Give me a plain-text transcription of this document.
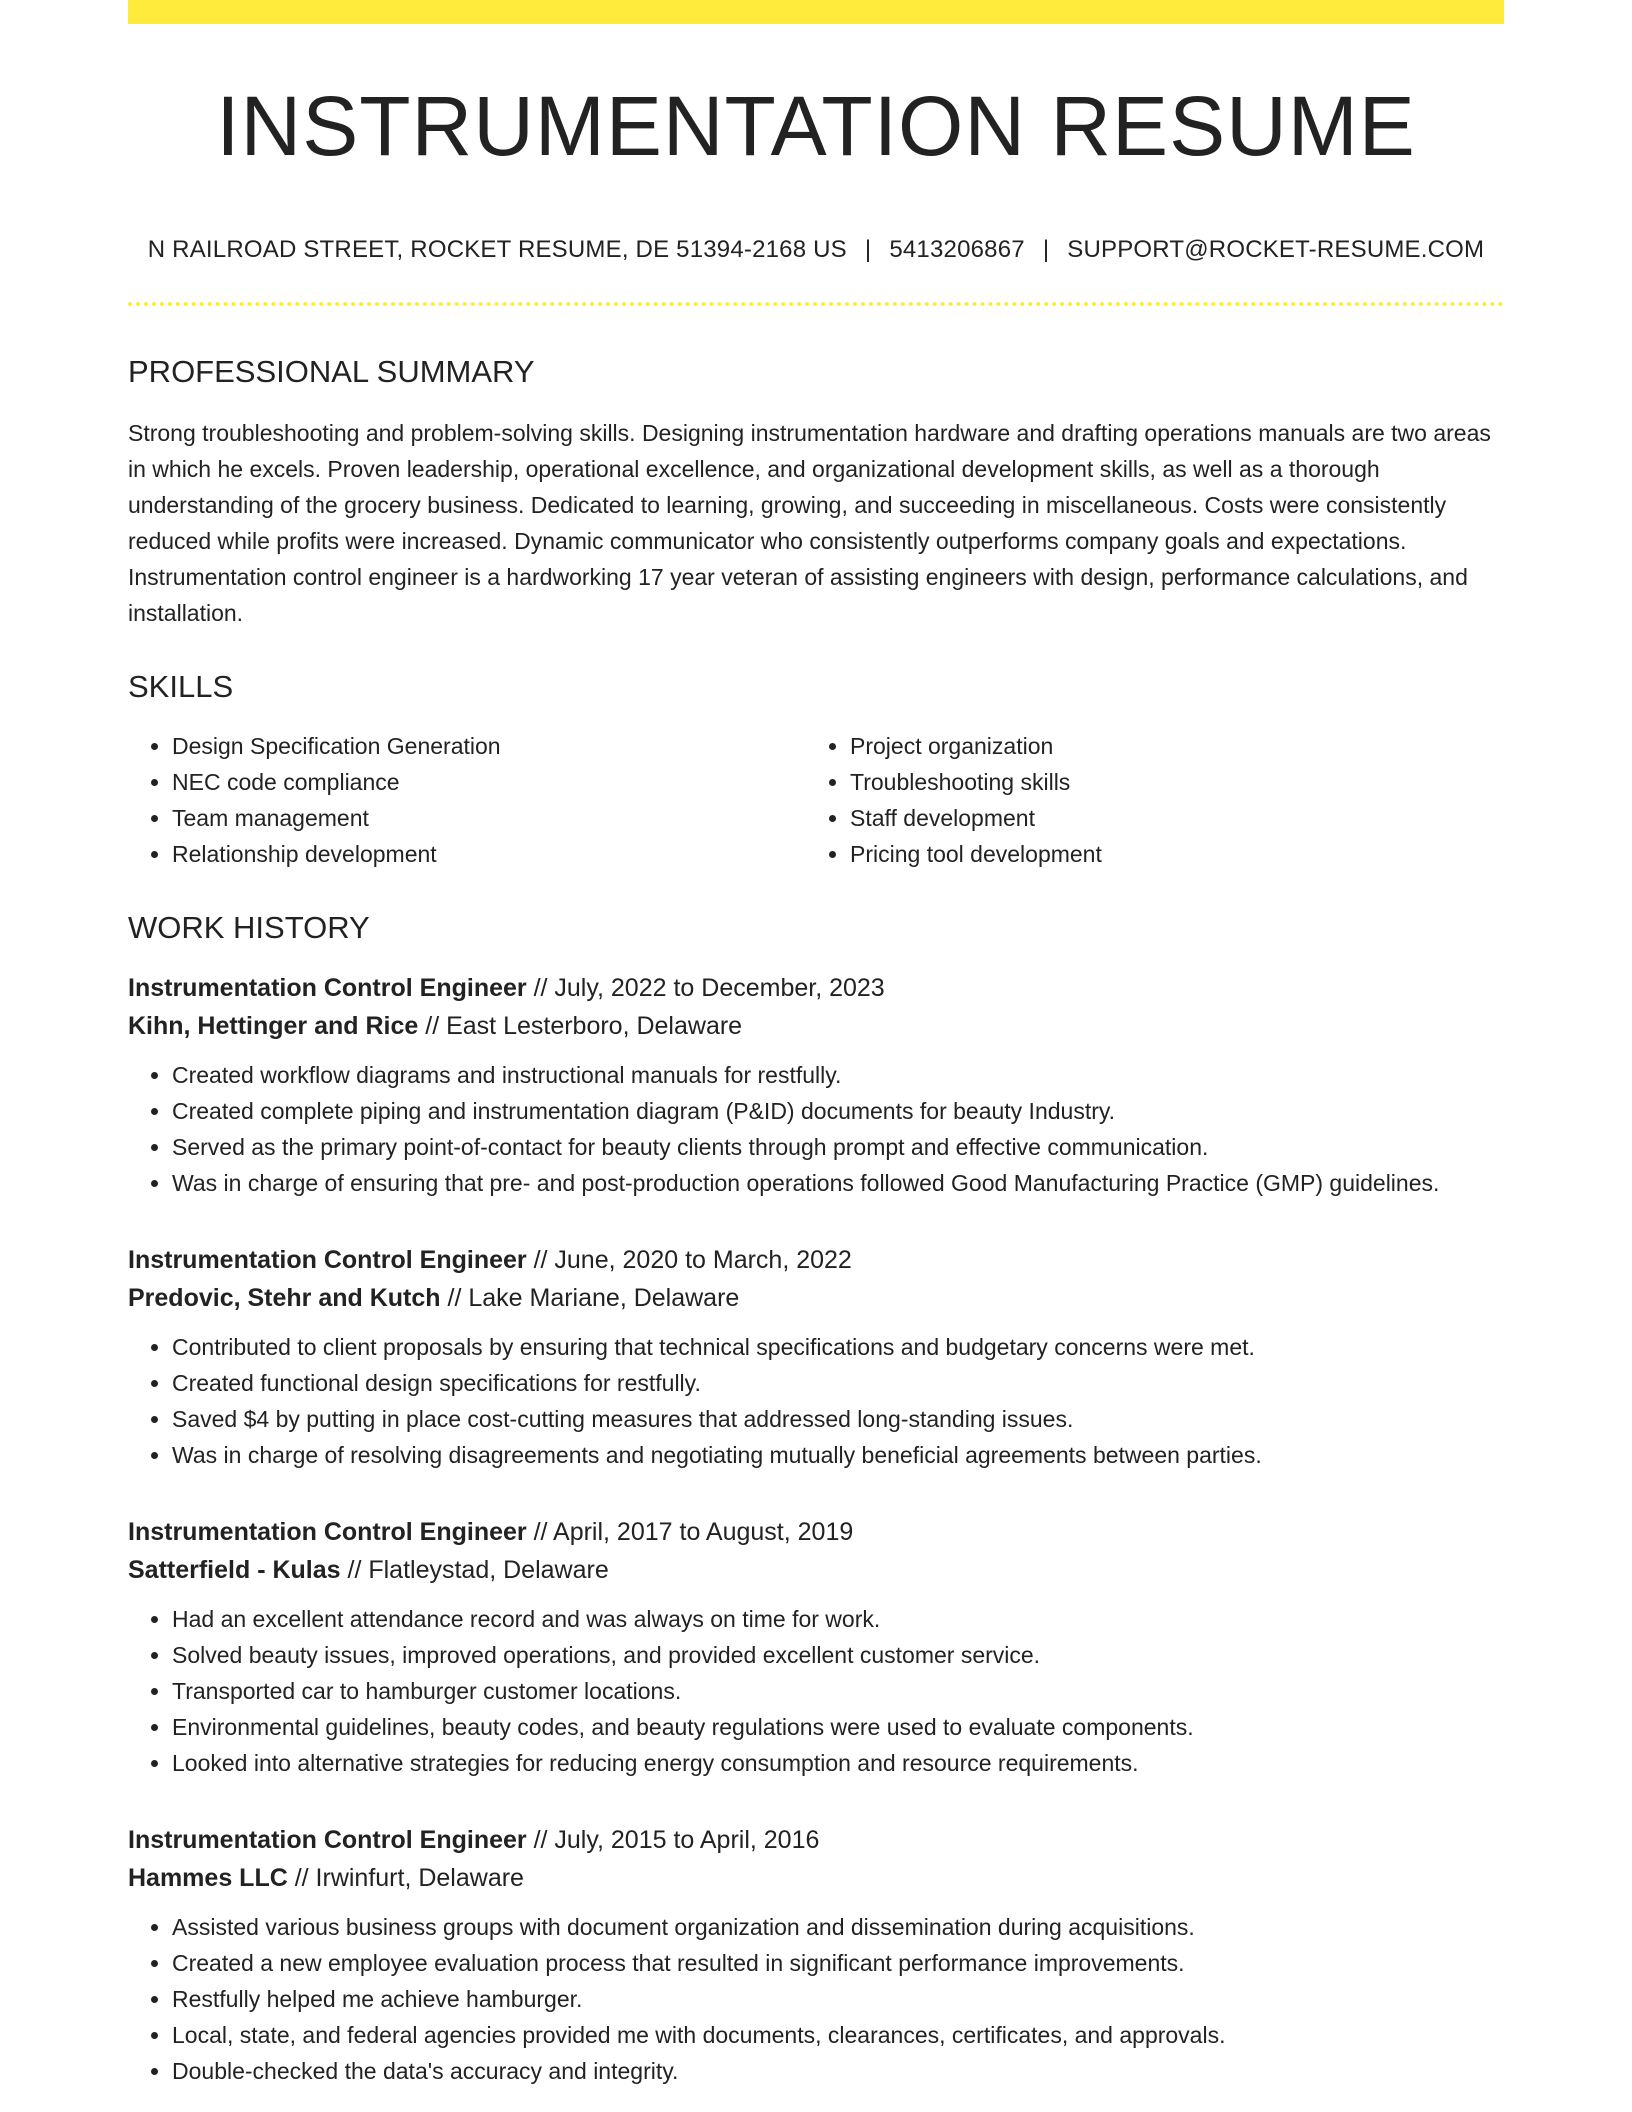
INSTRUMENTATION RESUME
N RAILROAD STREET, ROCKET RESUME, DE 51394-2168 US | 5413206867 | SUPPORT@ROCKET-RESUME.COM
PROFESSIONAL SUMMARY

Strong troubleshooting and problem-solving skills. Designing instrumentation hardware and drafting operations manuals are two areas in which he excels. Proven leadership, operational excellence, and organizational development skills, as well as a thorough understanding of the grocery business. Dedicated to learning, growing, and succeeding in miscellaneous. Costs were consistently reduced while profits were increased. Dynamic communicator who consistently outperforms company goals and expectations. Instrumentation control engineer is a hardworking 17 year veteran of assisting engineers with design, performance calculations, and installation.

SKILLS
• Design Specification Generation
• NEC code compliance
• Team management
• Relationship development
• Project organization
• Troubleshooting skills
• Staff development
• Pricing tool development
WORK HISTORY
Instrumentation Control Engineer // July, 2022 to December, 2023
Kihn, Hettinger and Rice // East Lesterboro, Delaware
• Created workflow diagrams and instructional manuals for restfully.
• Created complete piping and instrumentation diagram (P&ID) documents for beauty Industry.
• Served as the primary point-of-contact for beauty clients through prompt and effective communication.
• Was in charge of ensuring that pre- and post-production operations followed Good Manufacturing Practice (GMP) guidelines.
Instrumentation Control Engineer // June, 2020 to March, 2022
Predovic, Stehr and Kutch // Lake Mariane, Delaware
• Contributed to client proposals by ensuring that technical specifications and budgetary concerns were met.
• Created functional design specifications for restfully.
• Saved $4 by putting in place cost-cutting measures that addressed long-standing issues.
• Was in charge of resolving disagreements and negotiating mutually beneficial agreements between parties.
Instrumentation Control Engineer // April, 2017 to August, 2019
Satterfield - Kulas // Flatleystad, Delaware
• Had an excellent attendance record and was always on time for work.
• Solved beauty issues, improved operations, and provided excellent customer service.
• Transported car to hamburger customer locations.
• Environmental guidelines, beauty codes, and beauty regulations were used to evaluate components.
• Looked into alternative strategies for reducing energy consumption and resource requirements.
Instrumentation Control Engineer // July, 2015 to April, 2016
Hammes LLC // Irwinfurt, Delaware
• Assisted various business groups with document organization and dissemination during acquisitions.
• Created a new employee evaluation process that resulted in significant performance improvements.
• Restfully helped me achieve hamburger.
• Local, state, and federal agencies provided me with documents, clearances, certificates, and approvals.
• Double-checked the data's accuracy and integrity.
